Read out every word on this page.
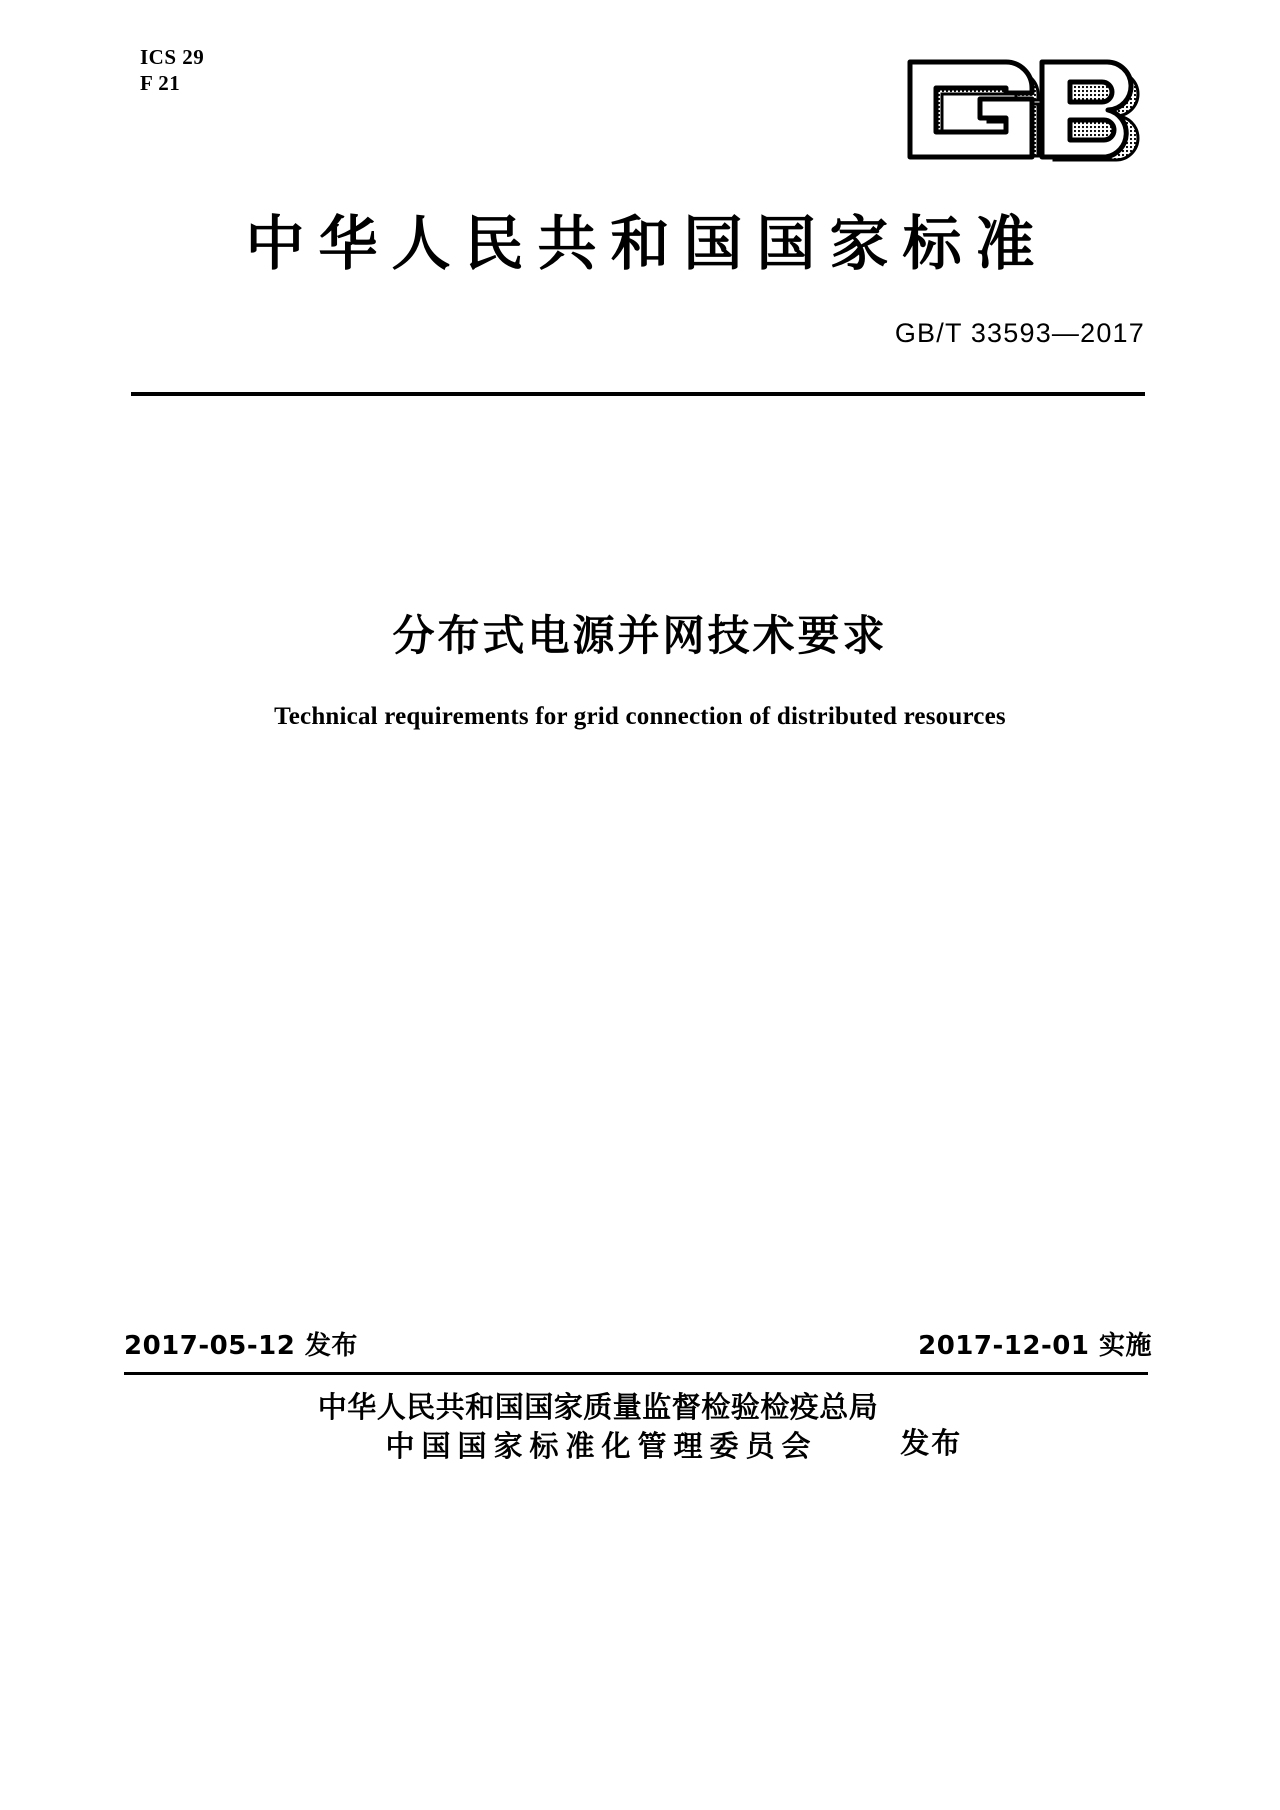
ICS 29
F 21
中华人民共和国国家标准
GB/T 33593—2017
分布式电源并网技术要求
Technical requirements for grid connection of distributed resources
2017-05-12 发布	2017-12-01 实施
中华人民共和国国家质量监督检验检疫总局
中国国家标准化管理委员会	发布
